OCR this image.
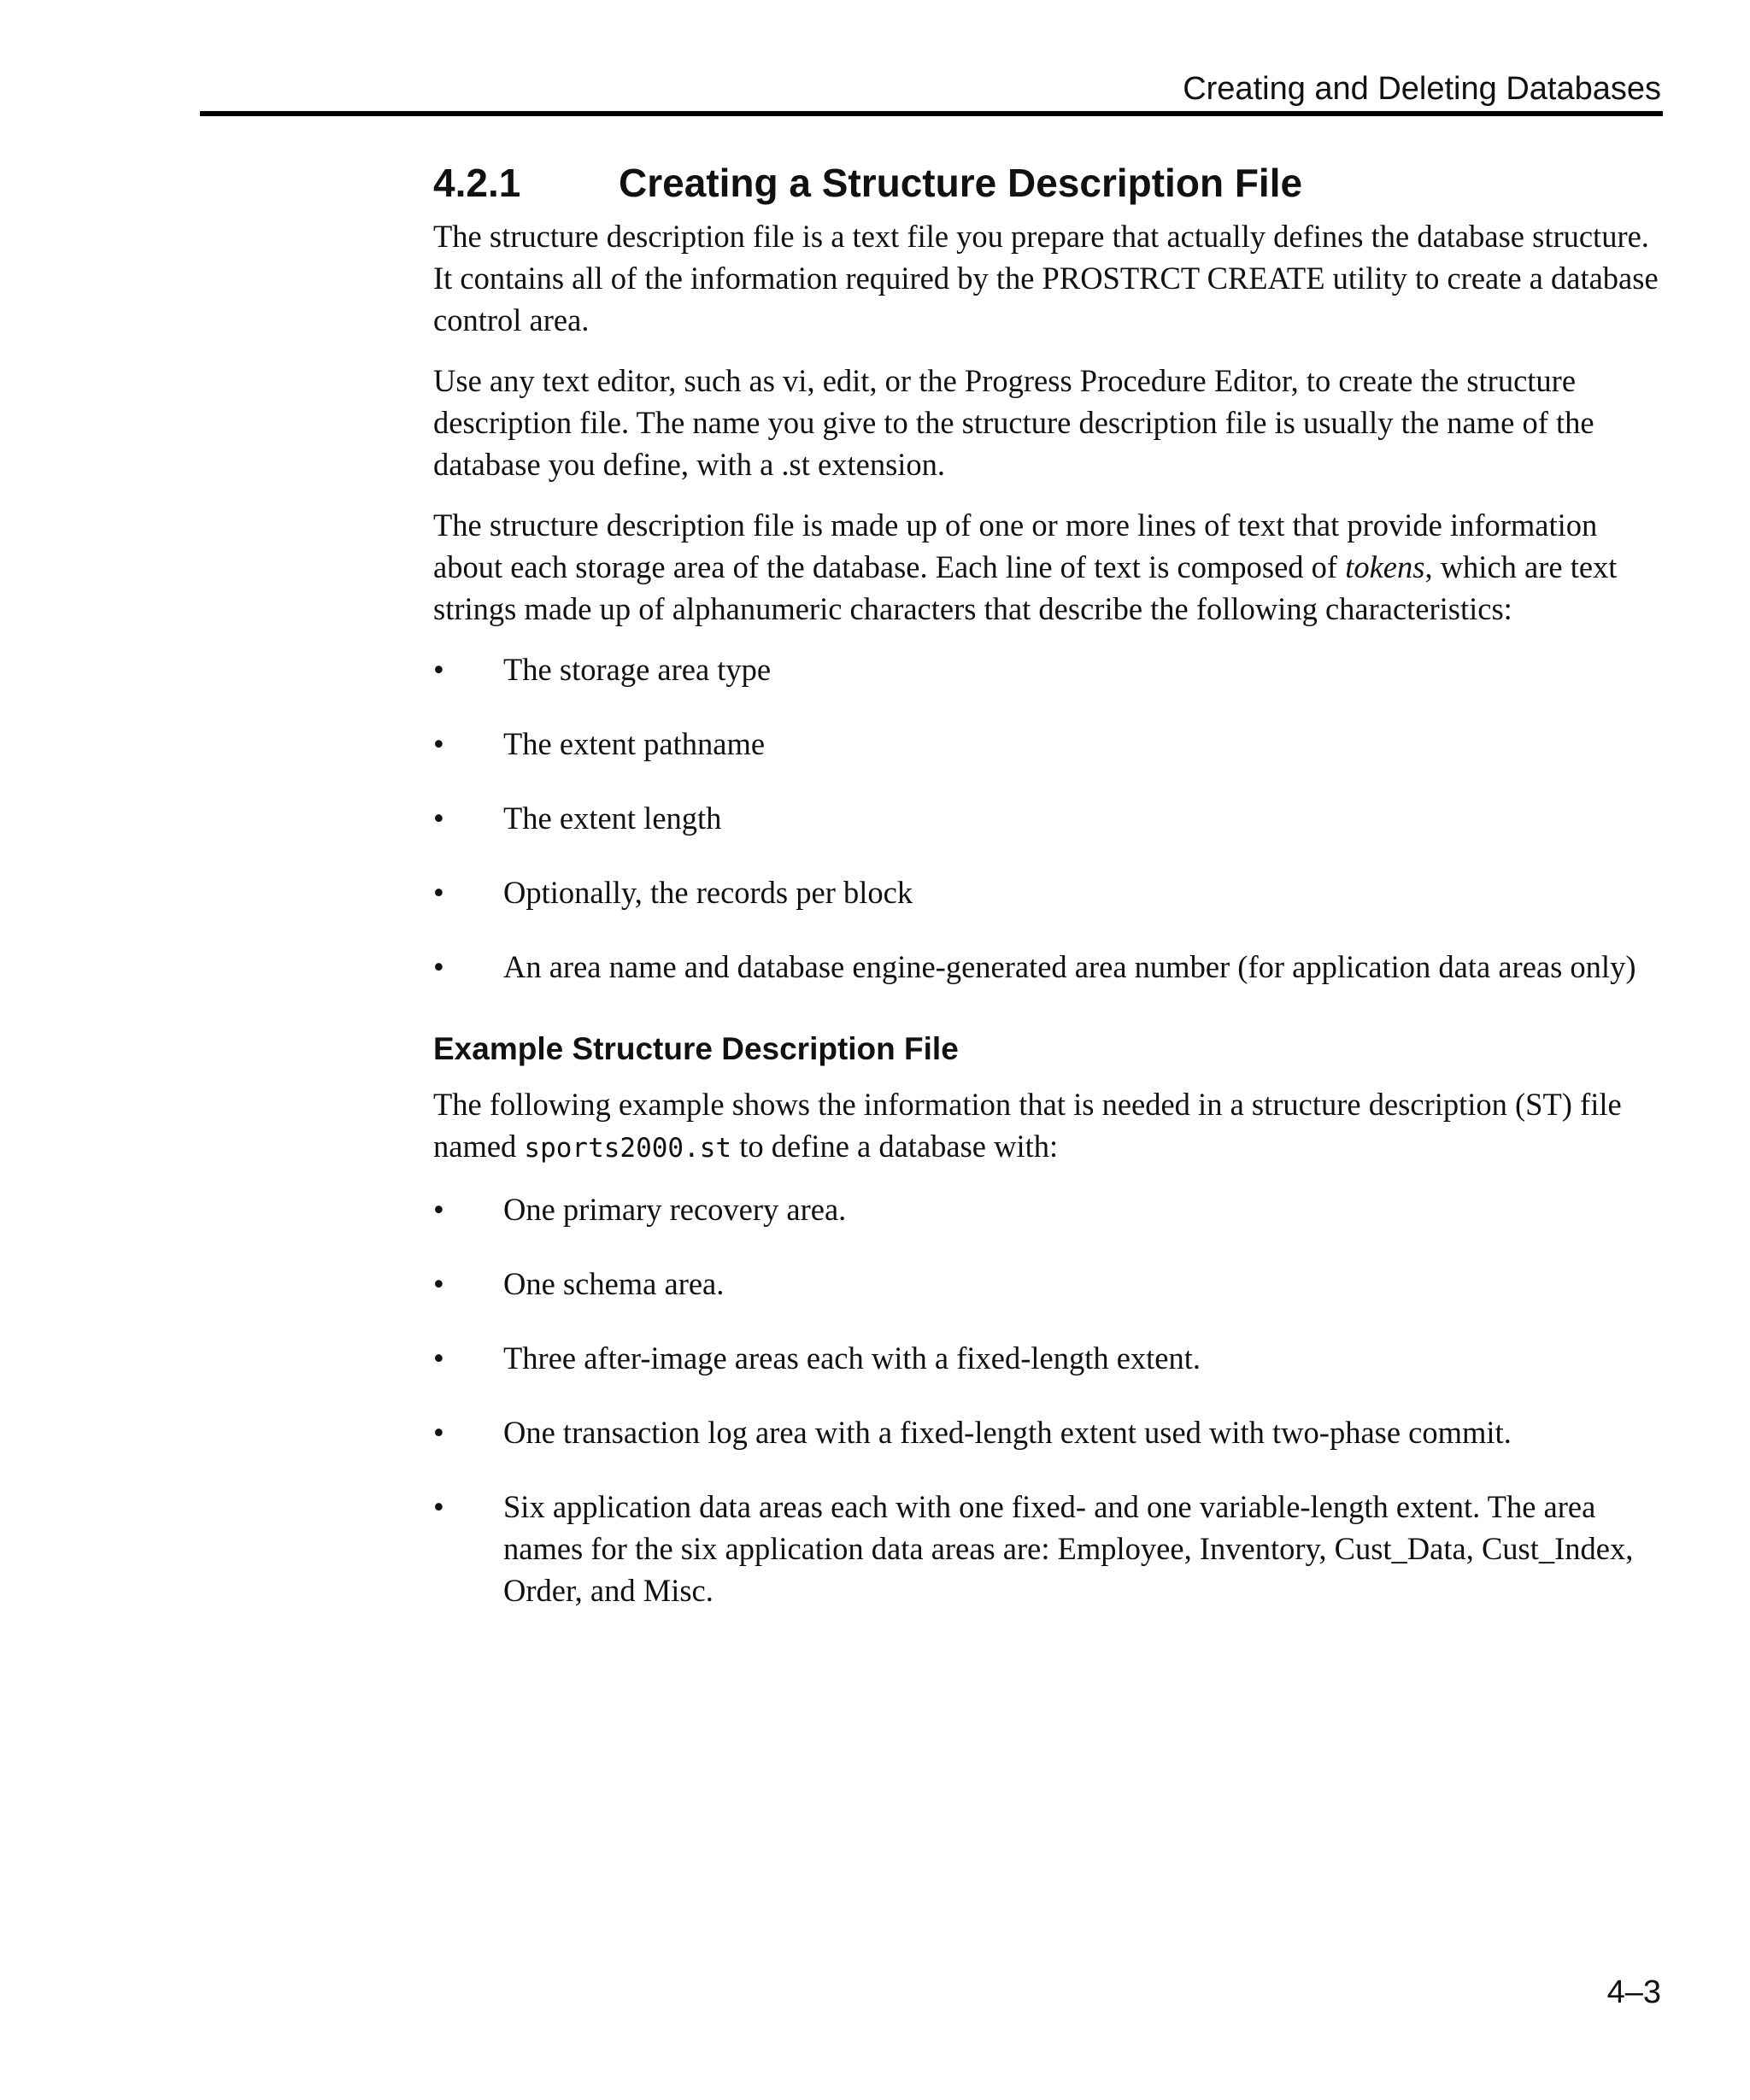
Creating and Deleting Databases
4.2.1	Creating a Structure Description File

The structure description file is a text file you prepare that actually defines the database structure. It contains all of the information required by the PROSTRCT CREATE utility to create a database control area.

Use any text editor, such as vi, edit, or the Progress Procedure Editor, to create the structure description file. The name you give to the structure description file is usually the name of the database you define, with a .st extension.

The structure description file is made up of one or more lines of text that provide information about each storage area of the database. Each line of text is composed of tokens, which are text strings made up of alphanumeric characters that describe the following characteristics:

• The storage area type
• The extent pathname
• The extent length
• Optionally, the records per block
• An area name and database engine-generated area number (for application data areas only)
Example Structure Description File

The following example shows the information that is needed in a structure description (ST) file named sports2000.st to define a database with:

• One primary recovery area.
• One schema area.
• Three after-image areas each with a fixed-length extent.
• One transaction log area with a fixed-length extent used with two-phase commit.
• Six application data areas each with one fixed- and one variable-length extent. The area names for the six application data areas are: Employee, Inventory, Cust_Data, Cust_Index, Order, and Misc.
4–3
